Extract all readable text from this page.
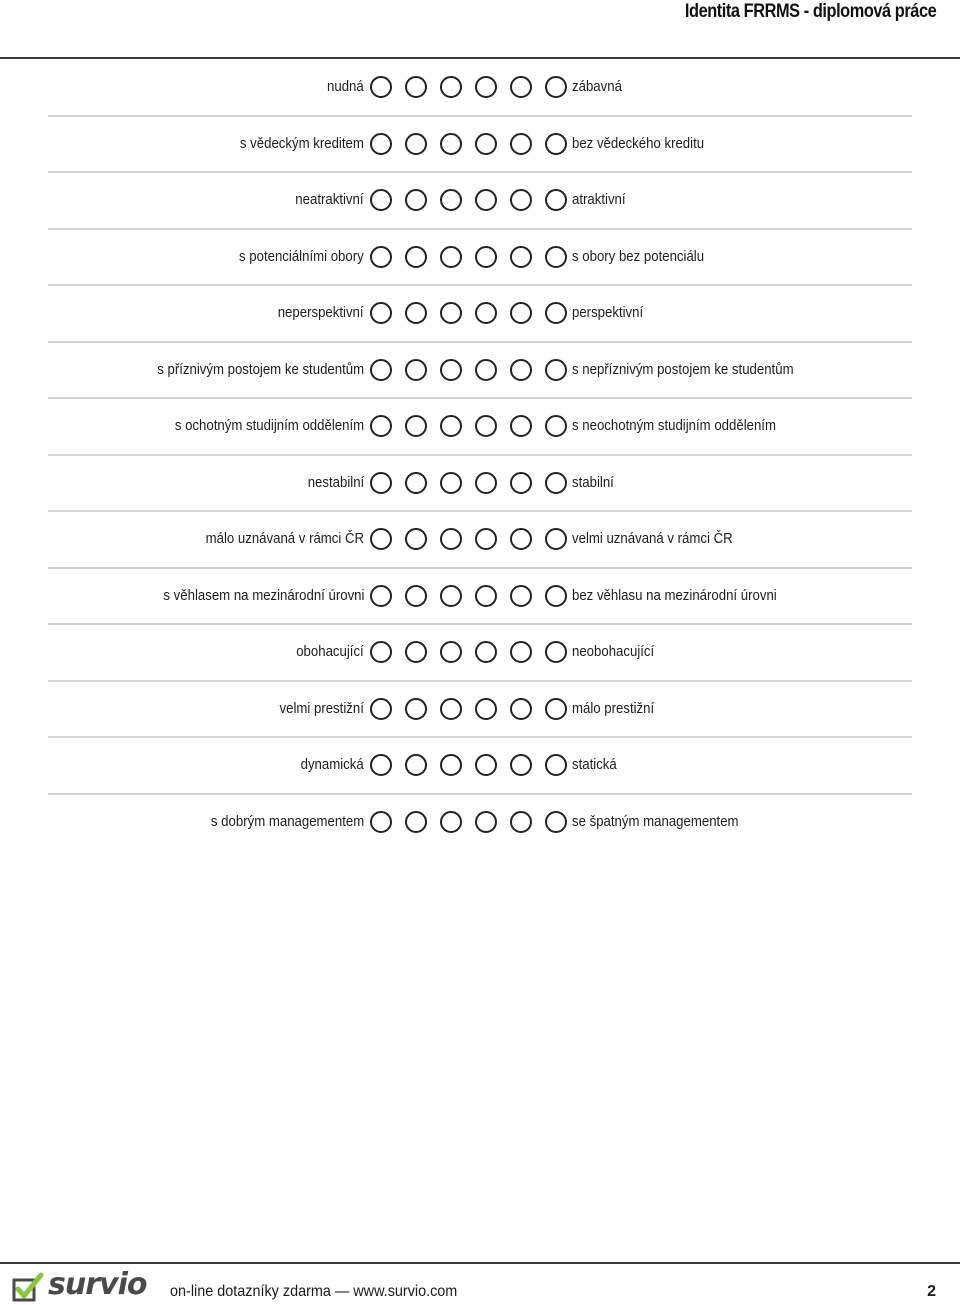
Identita FRRMS - diplomová práce
nudná	zábavná
s vědeckým kreditem	bez vědeckého kreditu
neatraktivní	atraktivní
s potenciálními obory	s obory bez potenciálu
neperspektivní	perspektivní
s příznivým postojem ke studentům	s nepříznivým postojem ke studentům
s ochotným studijním oddělením	s neochotným studijním oddělením
nestabilní	stabilní
málo uznávaná v rámci ČR	velmi uznávaná v rámci ČR
s věhlasem na mezinárodní úrovni	bez věhlasu na mezinárodní úrovni
obohacující	neobohacující
velmi prestižní	málo prestižní
dynamická	statická
s dobrým managementem	se špatným managementem
survio on-line dotazníky zdarma — www.survio.com	2
